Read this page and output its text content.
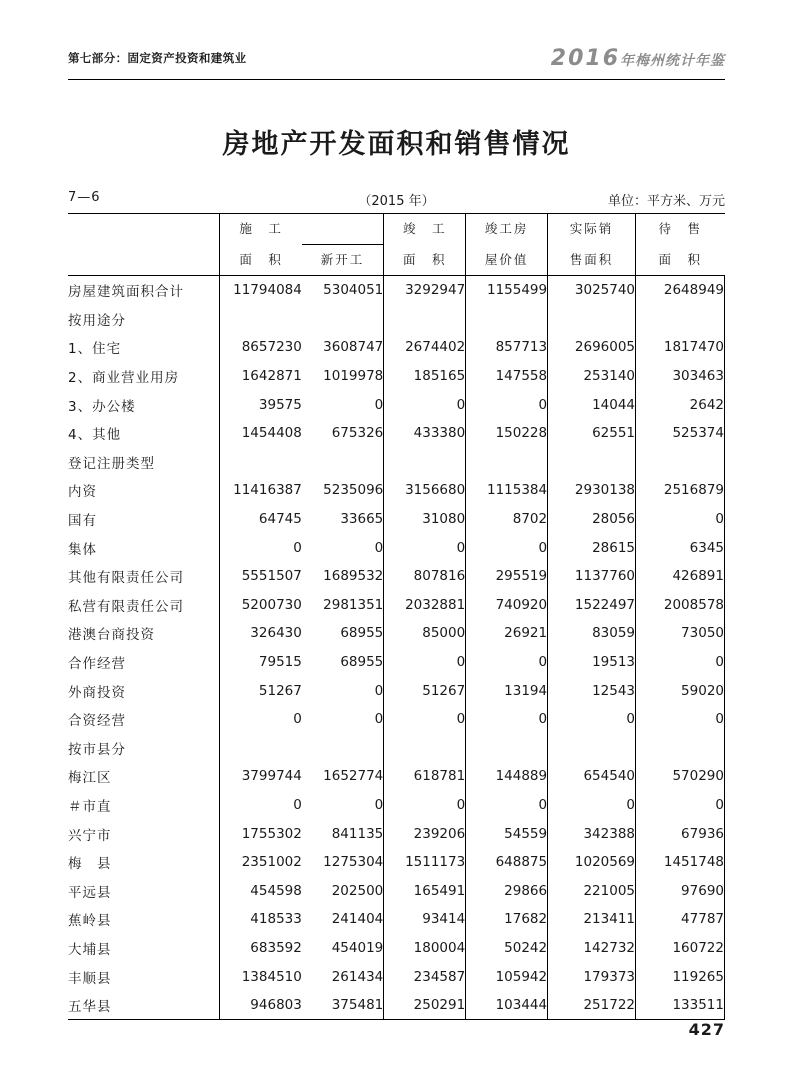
第七部分：固定资产投资和建筑业	2016年梅州统计年鉴
房地产开发面积和销售情况
7—6	（2015 年）	单位：平方米、万元
	施　工		竣　工	竣工房	实际销	待　售
	面　积	新开工	面　积	屋价值	售面积	面　积
房屋建筑面积合计	11794084	5304051	3292947	1155499	3025740	2648949
按用途分						
1、住宅	8657230	3608747	2674402	857713	2696005	1817470
2、商业营业用房	1642871	1019978	185165	147558	253140	303463
3、办公楼	39575	0	0	0	14044	2642
4、其他	1454408	675326	433380	150228	62551	525374
登记注册类型						
内资	11416387	5235096	3156680	1115384	2930138	2516879
国有	64745	33665	31080	8702	28056	0
集体	0	0	0	0	28615	6345
其他有限责任公司	5551507	1689532	807816	295519	1137760	426891
私营有限责任公司	5200730	2981351	2032881	740920	1522497	2008578
港澳台商投资	326430	68955	85000	26921	83059	73050
合作经营	79515	68955	0	0	19513	0
外商投资	51267	0	51267	13194	12543	59020
合资经营	0	0	0	0	0	0
按市县分						
梅江区	3799744	1652774	618781	144889	654540	570290
＃市直	0	0	0	0	0	0
兴宁市	1755302	841135	239206	54559	342388	67936
梅　县	2351002	1275304	1511173	648875	1020569	1451748
平远县	454598	202500	165491	29866	221005	97690
蕉岭县	418533	241404	93414	17682	213411	47787
大埔县	683592	454019	180004	50242	142732	160722
丰顺县	1384510	261434	234587	105942	179373	119265
五华县	946803	375481	250291	103444	251722	133511
427
